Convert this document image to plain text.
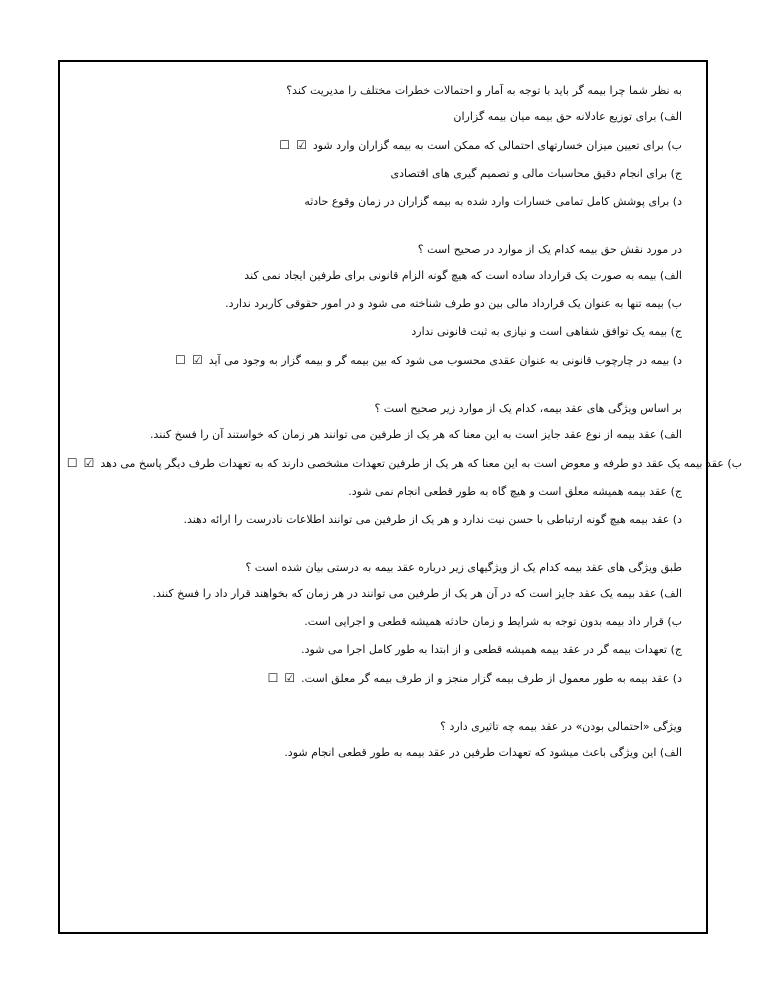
به نظر شما چرا بیمه گر باید با توجه به آمار و احتمالات خطرات مختلف را مدیریت کند؟
الف) برای توزیع عادلانه حق بیمه میان بیمه گزاران
ب) برای تعیین میزان خسارتهای احتمالی که ممکن است به بیمه گزاران وارد شود☑☐
ج) برای انجام دقیق محاسبات مالی و تصمیم گیری های اقتصادی
د) برای پوشش کامل تمامی خسارات وارد شده به بیمه گزاران در زمان وقوع حادثه
در مورد نقش حق بیمه کدام یک از موارد در صحیح است ؟
الف) بیمه به صورت یک قرارداد ساده است که هیچ گونه الزام قانونی برای طرفین ایجاد نمی کند
ب) بیمه تنها به عنوان یک قرارداد مالی بین دو طرف شناخته می شود و در امور حقوقی کاربرد ندارد.
ج) بیمه یک توافق شفاهی است و نیازی به ثبت قانونی ندارد
د) بیمه در چارچوب قانونی به عنوان عقدی محسوب می شود که بین بیمه گر و بیمه گزار به وجود می آید☑☐
بر اساس ویژگی های عقد بیمه، کدام یک از موارد زیر صحیح است ؟
الف) عقد بیمه از نوع عقد جایز است به این معنا که هر یک از طرفین می توانند هر زمان که خواستند آن را فسخ کنند.
ب) عقد بیمه یک عقد دو طرفه و معوض است به این معنا که هر یک از طرفین تعهدات مشخصی دارند که به تعهدات طرف دیگر پاسخ می دهد☑☐
ج) عقد بیمه همیشه معلق است و هیچ گاه به طور قطعی انجام نمی شود.
د) عقد بیمه هیچ گونه ارتباطی با حسن نیت ندارد و هر یک از طرفین می توانند اطلاعات نادرست را ارائه دهند.
طبق ویژگی های عقد بیمه کدام یک از ویژگیهای زیر درباره عقد بیمه به درستی بیان شده است ؟
الف) عقد بیمه یک عقد جایز است که در آن هر یک از طرفین می توانند در هر زمان که بخواهند قرار داد را فسخ کنند.
ب) قرار داد بیمه بدون توجه به شرایط و زمان حادثه همیشه قطعی و اجرایی است.
ج) تعهدات بیمه گر در عقد بیمه همیشه قطعی و از ابتدا به طور کامل اجرا می شود.
د) عقد بیمه به طور معمول از طرف بیمه گزار منجز و از طرف بیمه گر معلق است.☑☐
ویژگی «احتمالی بودن» در عقد بیمه چه تاثیری دارد ؟
الف) این ویژگی باعث میشود که تعهدات طرفین در عقد بیمه به طور قطعی انجام شود.
